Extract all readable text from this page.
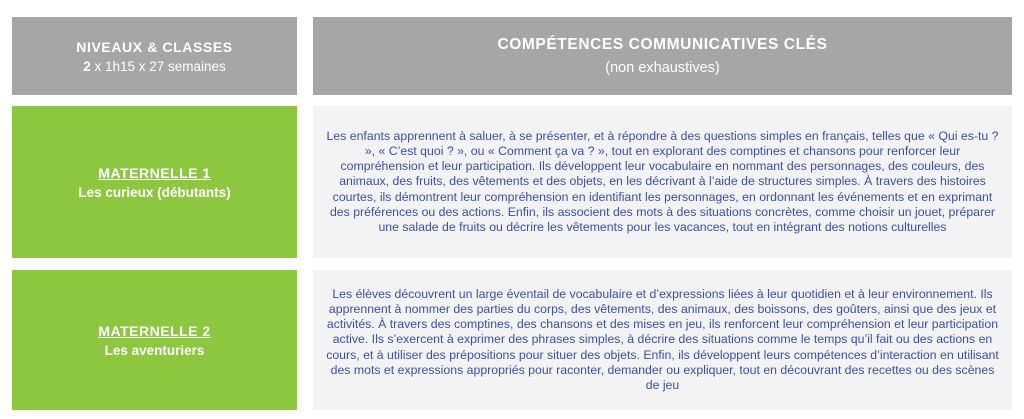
NIVEAUX & CLASSES
2 x 1h15 x 27 semaines
COMPÉTENCES COMMUNICATIVES CLÉS
(non exhaustives)
MATERNELLE 1
Les curieux (débutants)

Les enfants apprennent à saluer, à se présenter, et à répondre à des questions simples en français, telles que « Qui es-tu ? », « C’est quoi ? », ou « Comment ça va ? », tout en explorant des comptines et chansons pour renforcer leur compréhension et leur participation. Ils développent leur vocabulaire en nommant des personnages, des couleurs, des animaux, des fruits, des vêtements et des objets, en les décrivant à l’aide de structures simples. À travers des histoires courtes, ils démontrent leur compréhension en identifiant les personnages, en ordonnant les événements et en exprimant des préférences ou des actions. Enfin, ils associent des mots à des situations concrètes, comme choisir un jouet, préparer une salade de fruits ou décrire les vêtements pour les vacances, tout en intégrant des notions culturelles

MATERNELLE 2
Les aventuriers

Les élèves découvrent un large éventail de vocabulaire et d’expressions liées à leur quotidien et à leur environnement. Ils apprennent à nommer des parties du corps, des vêtements, des animaux, des boissons, des goûters, ainsi que des jeux et activités. À travers des comptines, des chansons et des mises en jeu, ils renforcent leur compréhension et leur participation active. Ils s’exercent à exprimer des phrases simples, à décrire des situations comme le temps qu’il fait ou des actions en cours, et à utiliser des prépositions pour situer des objets. Enfin, ils développent leurs compétences d’interaction en utilisant des mots et expressions appropriés pour raconter, demander ou expliquer, tout en découvrant des recettes ou des scènes de jeu
